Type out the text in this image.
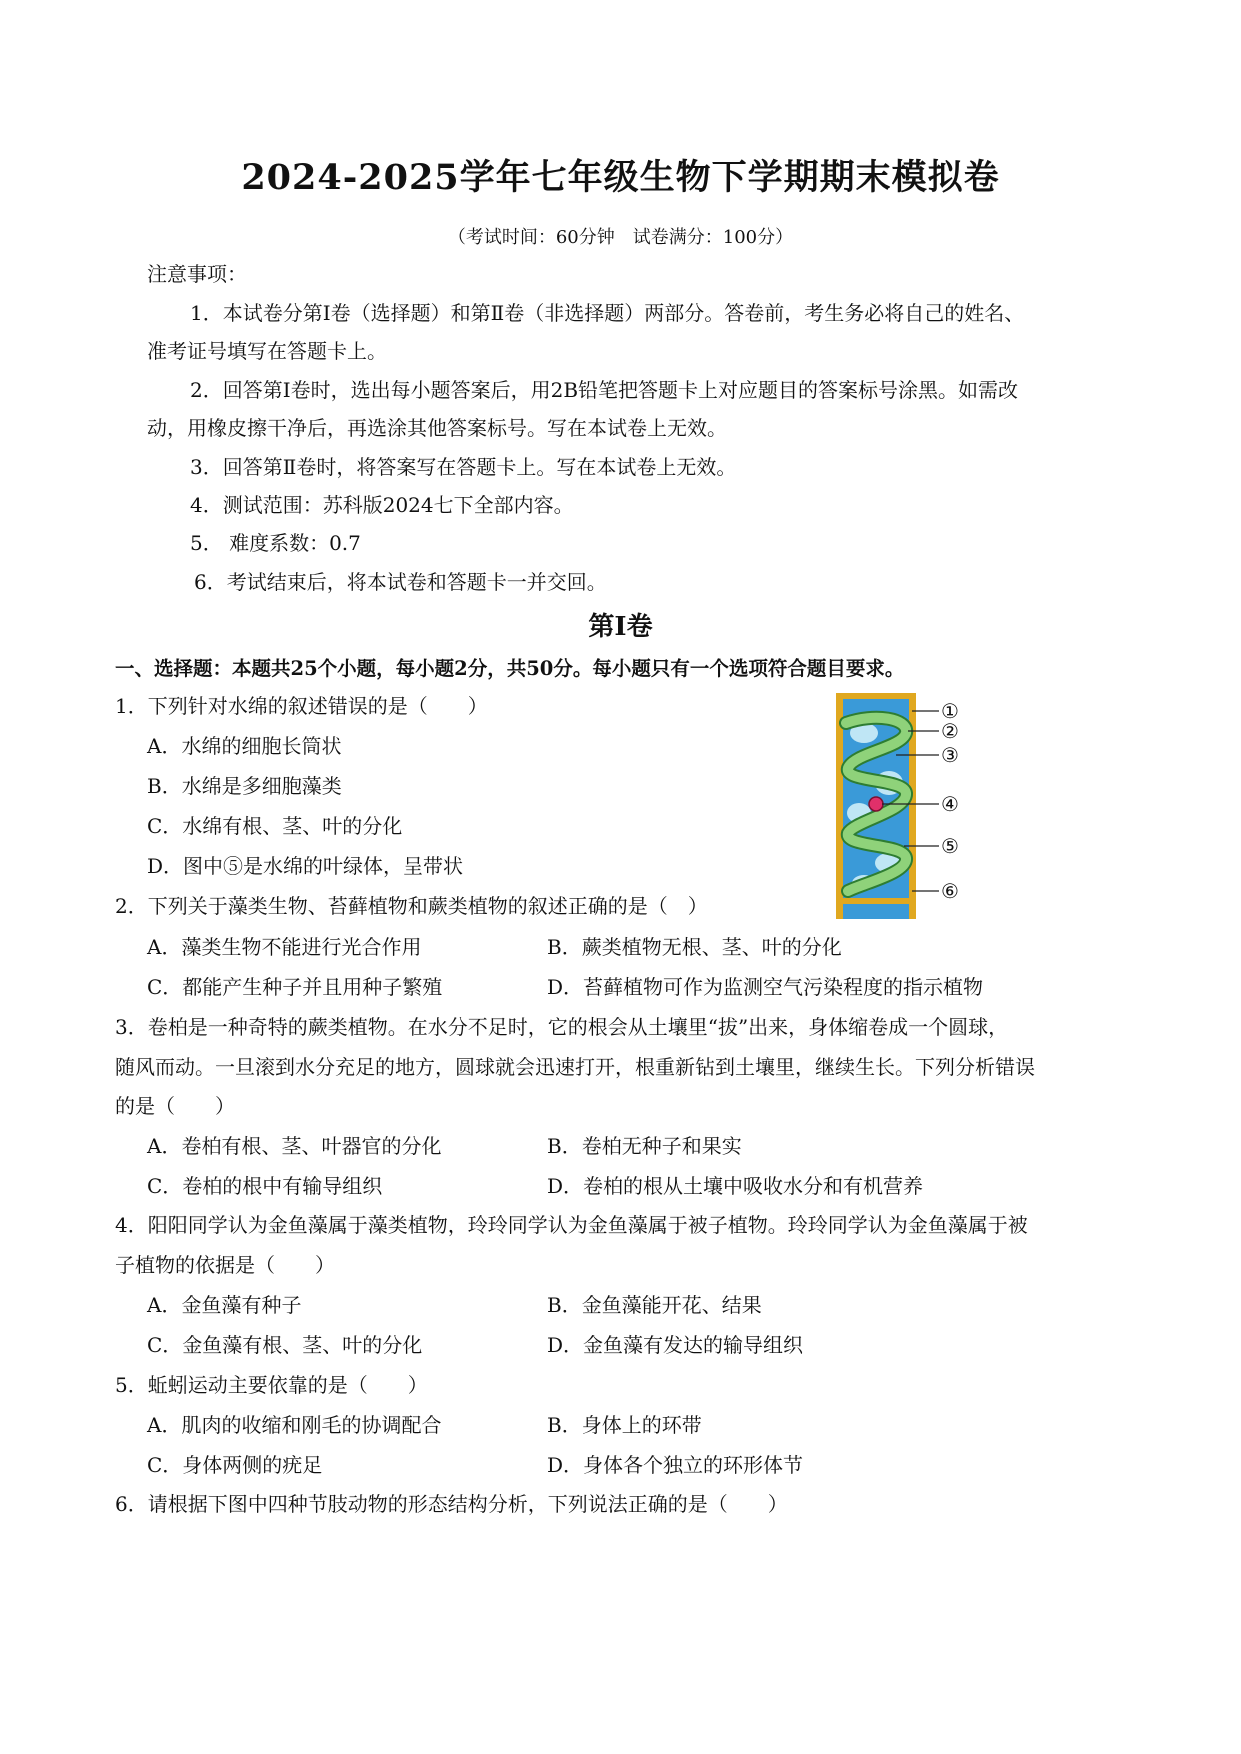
2024-2025学年七年级生物下学期期末模拟卷
（考试时间：60分钟　试卷满分：100分）
注意事项：
1．本试卷分第Ⅰ卷（选择题）和第Ⅱ卷（非选择题）两部分。答卷前，考生务必将自己的姓名、
准考证号填写在答题卡上。
2．回答第Ⅰ卷时，选出每小题答案后，用2B铅笔把答题卡上对应题目的答案标号涂黑。如需改
动，用橡皮擦干净后，再选涂其他答案标号。写在本试卷上无效。
3．回答第Ⅱ卷时，将答案写在答题卡上。写在本试卷上无效。
4．测试范围：苏科版2024七下全部内容。
5． 难度系数：0.7
6．考试结束后，将本试卷和答题卡一并交回。
第Ⅰ卷
一、选择题：本题共25个小题，每小题2分，共50分。每小题只有一个选项符合题目要求。
1．下列针对水绵的叙述错误的是（　　）
A．水绵的细胞长筒状
B．水绵是多细胞藻类
C．水绵有根、茎、叶的分化
D．图中⑤是水绵的叶绿体，呈带状
①
②
③
④
⑤
⑥
2．下列关于藻类生物、苔藓植物和蕨类植物的叙述正确的是（　）
A．藻类生物不能进行光合作用	B．蕨类植物无根、茎、叶的分化
C．都能产生种子并且用种子繁殖	D．苔藓植物可作为监测空气污染程度的指示植物
3．卷柏是一种奇特的蕨类植物。在水分不足时，它的根会从土壤里“拔”出来，身体缩卷成一个圆球，
随风而动。一旦滚到水分充足的地方，圆球就会迅速打开，根重新钻到土壤里，继续生长。下列分析错误
的是（　　）
A．卷柏有根、茎、叶器官的分化	B．卷柏无种子和果实
C．卷柏的根中有输导组织	D．卷柏的根从土壤中吸收水分和有机营养
4．阳阳同学认为金鱼藻属于藻类植物，玲玲同学认为金鱼藻属于被子植物。玲玲同学认为金鱼藻属于被
子植物的依据是（　　）
A．金鱼藻有种子	B．金鱼藻能开花、结果
C．金鱼藻有根、茎、叶的分化	D．金鱼藻有发达的输导组织
5．蚯蚓运动主要依靠的是（　　）
A．肌肉的收缩和刚毛的协调配合	B．身体上的环带
C．身体两侧的疣足	D．身体各个独立的环形体节
6．请根据下图中四种节肢动物的形态结构分析，下列说法正确的是（　　）
